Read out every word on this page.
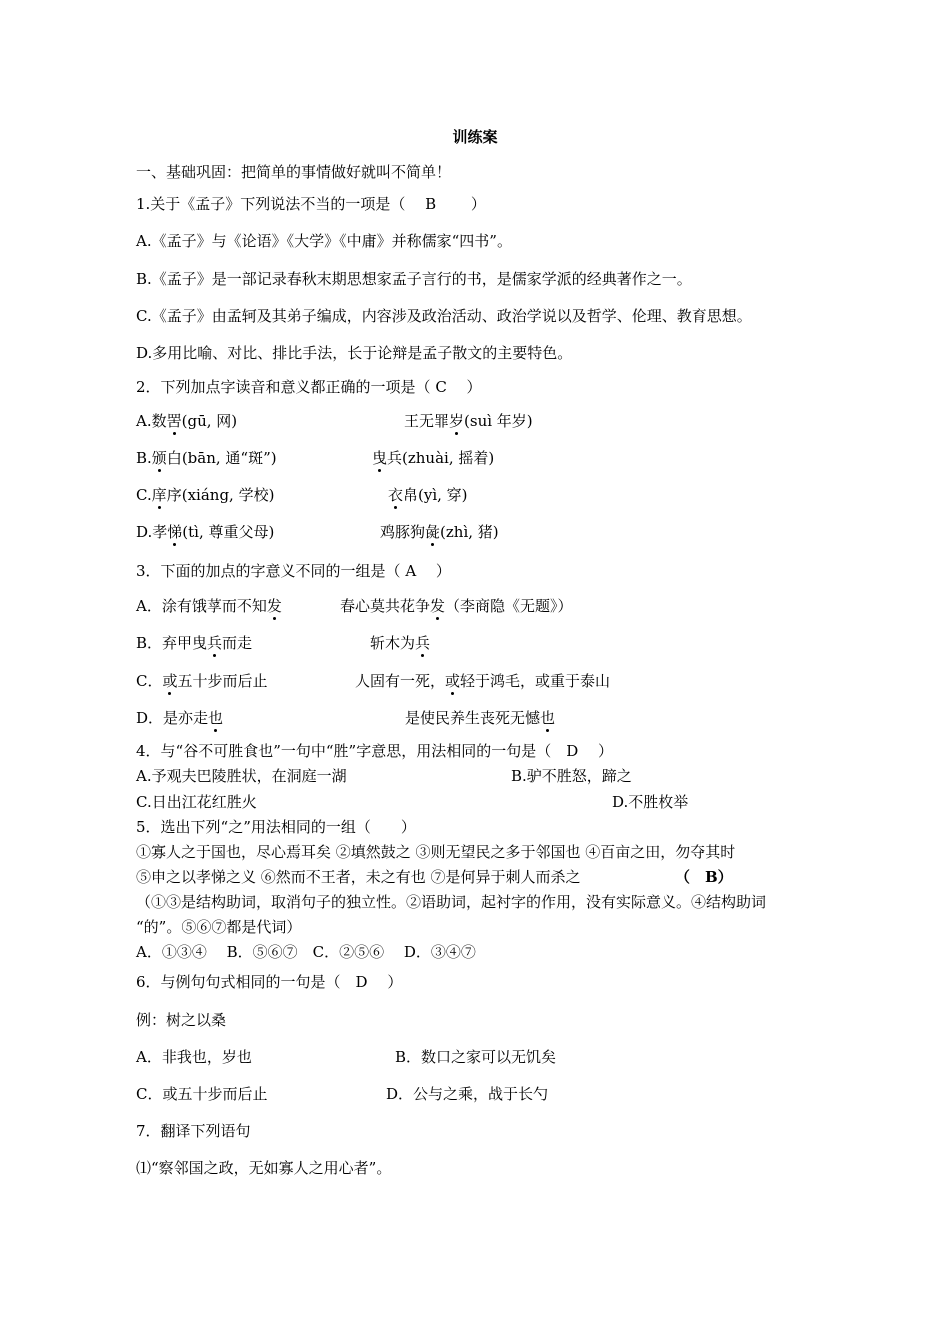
训练案
一、基础巩固：把简单的事情做好就叫不简单！
1.关于《孟子》下列说法不当的一项是（　 B　　 ）
A.《孟子》与《论语》《大学》《中庸》并称儒家“四书”。
B.《孟子》是一部记录春秋末期思想家孟子言行的书，是儒家学派的经典著作之一。
C.《孟子》由孟轲及其弟子编成，内容涉及政治活动、政治学说以及哲学、伦理、教育思想。
D.多用比喻、对比、排比手法，长于论辩是孟子散文的主要特色。
2．下列加点字读音和意义都正确的一项是（ C　 ）
A.数罟(gū, 网)	王无罪岁(suì 年岁)
B.颁白(bān, 通“斑”)	曳兵(zhuài, 摇着)
C.庠序(xiáng, 学校)	衣帛(yì, 穿)
D.孝悌(tì, 尊重父母)	鸡豚狗彘(zhì, 猪)
3．下面的加点的字意义不同的一组是（ A　 ）
A．涂有饿莩而不知发	春心莫共花争发（李商隐《无题》）
B．弃甲曳兵而走	斩木为兵
C．或五十步而后止	人固有一死，或轻于鸿毛，或重于泰山
D．是亦走也	是使民养生丧死无憾也
4．与“谷不可胜食也”一句中“胜”字意思，用法相同的一句是（　D　 ）
A.予观夫巴陵胜状，在洞庭一湖	B.驴不胜怒，蹄之
C.日出江花红胜火	D.不胜枚举
5．选出下列“之”用法相同的一组（　　）
①寡人之于国也，尽心焉耳矣 ②填然鼓之 ③则无望民之多于邻国也 ④百亩之田，勿夺其时
⑤申之以孝悌之义 ⑥然而不王者，未之有也 ⑦是何异于刺人而杀之	（　B）
（①③是结构助词，取消句子的独立性。②语助词，起衬字的作用，没有实际意义。④结构助词
“的”。⑤⑥⑦都是代词）
A．①③④　 B．⑤⑥⑦　C．②⑤⑥　 D．③④⑦
6．与例句句式相同的一句是（　D　 ）
例：树之以桑
A．非我也，岁也	B．数口之家可以无饥矣
C．或五十步而后止	D．公与之乘，战于长勺
7．翻译下列语句
⑴“察邻国之政，无如寡人之用心者”。
